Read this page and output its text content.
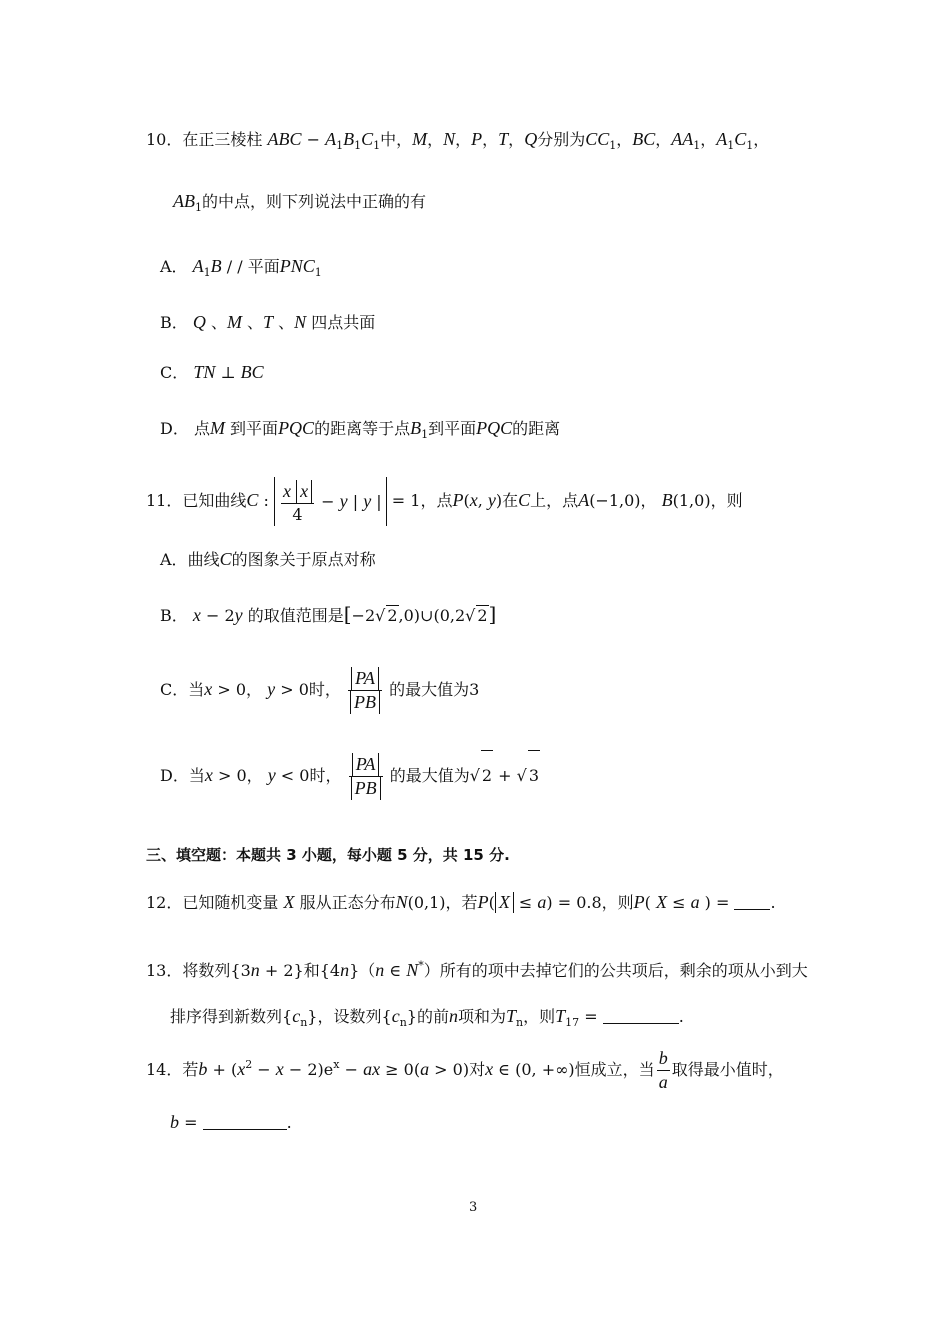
10．在正三棱柱 ABC − $A_1B_1C_1$中，M，N，P，T，Q分别为$CC_1$，BC，$AA_1$，$A_1C_1$，
$AB_1$的中点，则下列说法中正确的有
A． $A_1B$ / / 平面$PNC_1$
B． Q 、M 、T 、N 四点共面
C． TN ⊥ BC
D． 点M 到平面PQC的距离等于点$B_1$到平面PQC的距离
11．已知曲线C : $\frac{\text{x x}}{4} - y$ | y | = 1，点P(x, y)在C上，点A(−1,0)， B(1,0)，则
A．曲线C的图象关于原点对称
B． x − 2y 的取值范围是[−2√ 2,0)∪(0,2√ 2]
C．当x > 0， y > 0时， $\frac{PA}{PB}$ 的最大值为3
D．当x > 0， y < 0时， $\frac{PA}{PB}$ 的最大值为√ 2 + √ 3
三、填空题：本题共 3 小题，每小题 5 分，共 15 分.
12．已知随机变量 X 服从正态分布N(0,1)，若P( X ≤ a) = 0.8，则P( X ≤ a ) = .
13．将数列{3n + 2}和{4n}（n ∈ N*）所有的项中去掉它们的公共项后，剩余的项从小到大
排序得到新数列$\{c_n\}$，设数列$\{c_n\}$的前n项和为$T_n$，则$T_{17}$ =	.
14．若$b + (x^2 - x - 2)e^x$ − ax ≥ 0(a > 0)对x ∈ (0, +∞)恒成立，当 $\frac{b}{a}$ 取得最小值时，
b =	.
3
